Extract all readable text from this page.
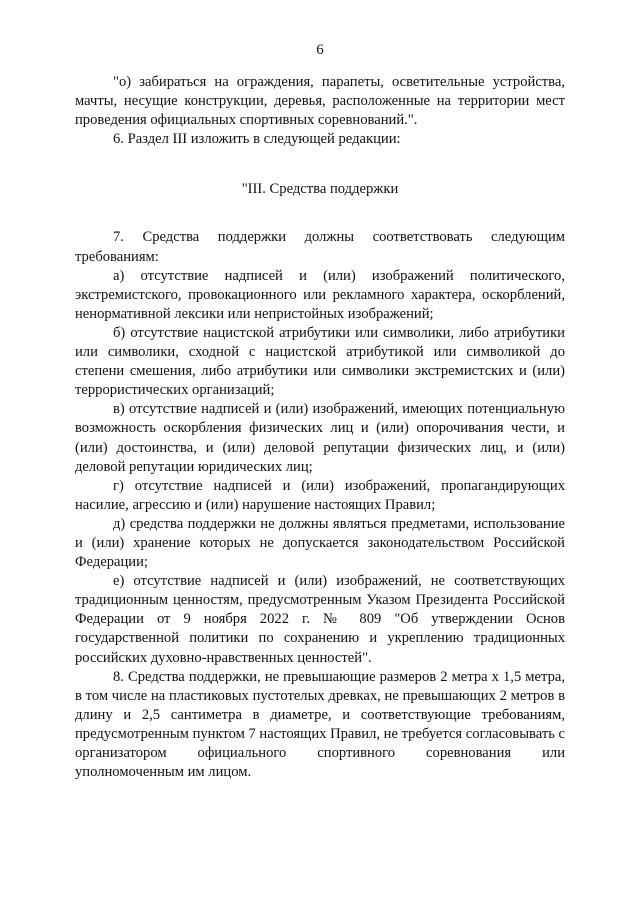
6

"о) забираться на ограждения, парапеты, осветительные устройства, мачты, несущие конструкции, деревья, расположенные на территории мест проведения официальных спортивных соревнований.".

6. Раздел III изложить в следующей редакции:

"III. Средства поддержки

7. Средства поддержки должны соответствовать следующим требованиям:

а) отсутствие надписей и (или) изображений политического, экстремистского, провокационного или рекламного характера, оскорблений, ненормативной лексики или непристойных изображений;

б) отсутствие нацистской атрибутики или символики, либо атрибутики или символики, сходной с нацистской атрибутикой или символикой до степени смешения, либо атрибутики или символики экстремистских и (или) террористических организаций;

в) отсутствие надписей и (или) изображений, имеющих потенциальную возможность оскорбления физических лиц и (или) опорочивания чести, и (или) достоинства, и (или) деловой репутации физических лиц, и (или) деловой репутации юридических лиц;

г) отсутствие надписей и (или) изображений, пропагандирующих насилие, агрессию и (или) нарушение настоящих Правил;

д) средства поддержки не должны являться предметами, использование и (или) хранение которых не допускается законодательством Российской Федерации;

е) отсутствие надписей и (или) изображений, не соответствующих традиционным ценностям, предусмотренным Указом Президента Российской Федерации от 9 ноября 2022 г. № 809 "Об утверждении Основ государственной политики по сохранению и укреплению традиционных российских духовно-нравственных ценностей".

8. Средства поддержки, не превышающие размеров 2 метра x 1,5 метра, в том числе на пластиковых пустотелых древках, не превышающих 2 метров в длину и 2,5 сантиметра в диаметре, и соответствующие требованиям, предусмотренным пунктом 7 настоящих Правил, не требуется согласовывать с организатором официального спортивного соревнования или уполномоченным им лицом.
